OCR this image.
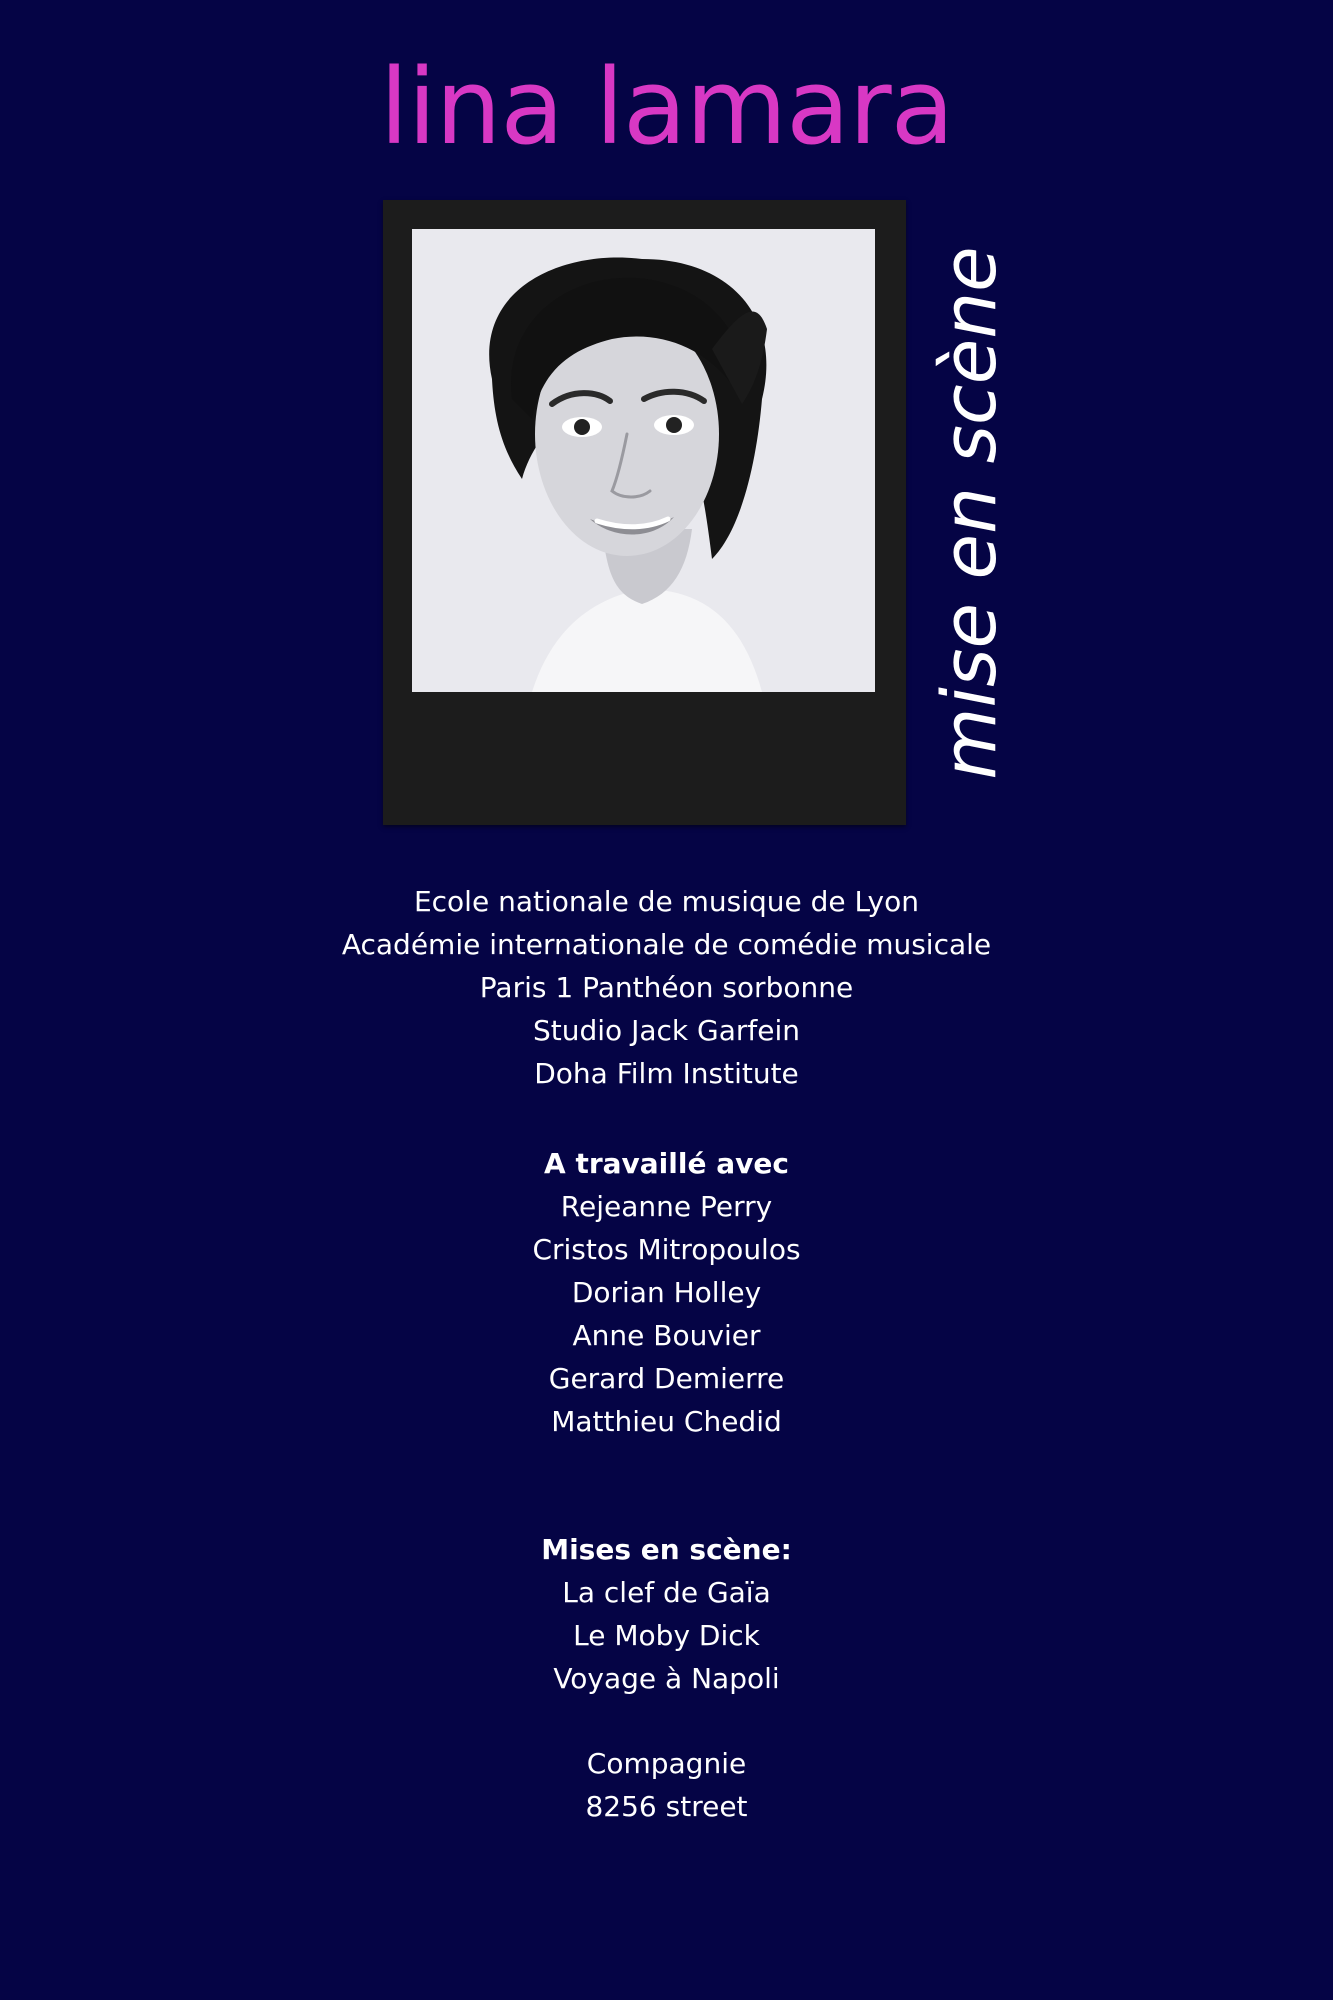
lina lamara
mise en scène
Ecole nationale de musique de Lyon
Académie internationale de comédie musicale
Paris 1 Panthéon sorbonne
Studio Jack Garfein
Doha Film Institute
A travaillé avec
Rejeanne Perry
Cristos Mitropoulos
Dorian Holley
Anne Bouvier
Gerard Demierre
Matthieu Chedid
Mises en scène:
La clef de Gaïa
Le Moby Dick
Voyage à Napoli
Compagnie
8256 street
